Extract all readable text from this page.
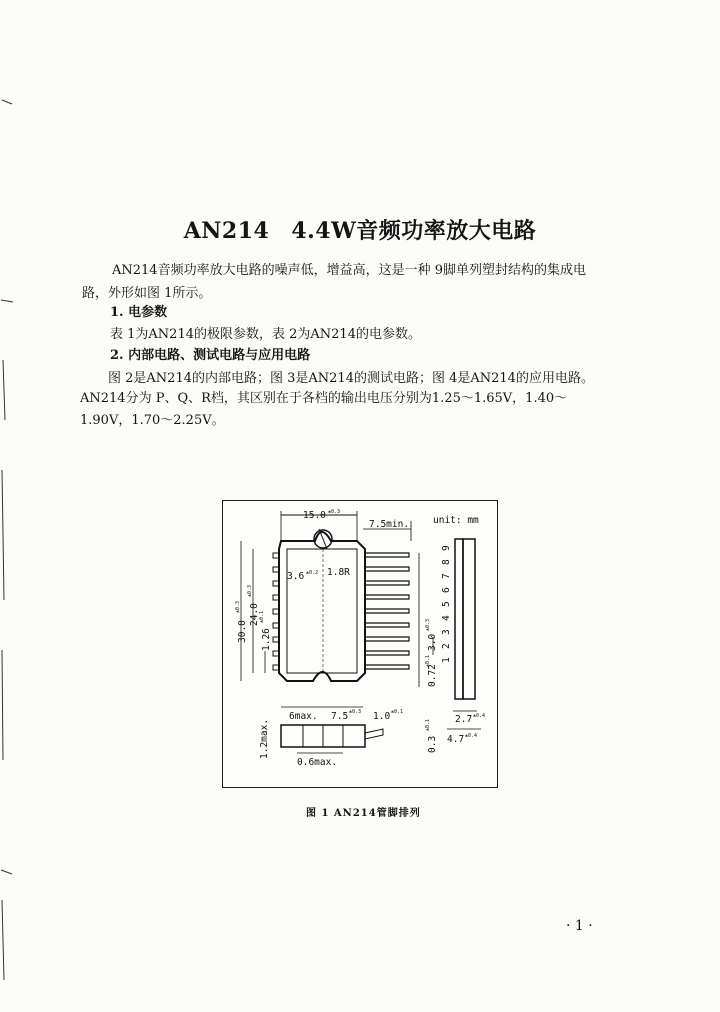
AN214 4.4W音频功率放大电路
AN214音频功率放大电路的噪声低，增益高，这是一种 9脚单列塑封结构的集成电
路，外形如图 1所示。
1. 电参数
表 1为AN214的极限参数，表 2为AN214的电参数。
2. 内部电路、测试电路与应用电路
图 2是AN214的内部电路；图 3是AN214的测试电路；图 4是AN214的应用电路。
AN214分为 P、Q、R档，其区别在于各档的输出电压分别为1.25～1.65V，1.40～
1.90V，1.70～2.25V。
15.0 ±0.3
7.5min.	unit: mm
3.6 ±0.2 1.8R
30.0
±0.3 24.0
±0.3
1.26
±0.1
3.0
±0.3
0.72
±0.1
9
8
7
6
5
4
3
2
1
2.7 ±0.4
4.7 ±0.4
6max. 7.5 ±0.3 1.0 ±0.1
1.2max.
0.6max.
0.3
±0.1
图 1 AN214管脚排列
· 1 ·
